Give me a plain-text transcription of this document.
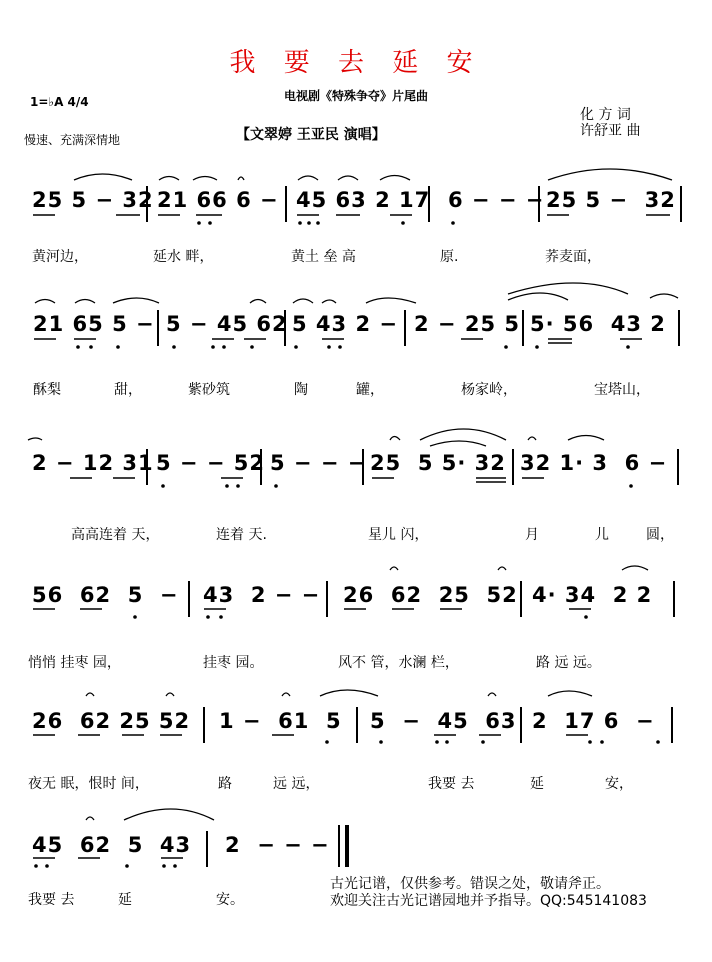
我 要 去 延 安
电视剧《特殊争夺》片尾曲
1=♭A 4/4
慢速、充满深情地	【文翠婷 王亚民 演唱】
化 方 词
许舒亚 曲
25 5 − 32 21 66 6 − 45 63 2 17 6 − − − 25 5 −  32
黄河边，	延水 畔，	黄土 垒 高	原.	荞麦面，
21 65 5 − 5 − 45 62 5 43 2 − 2 − 25 5 5· 56  43 2
酥梨	甜，	紫砂筑	陶	罐，	杨家岭，	宝塔山，
2 − 12 31 5 − − 52 5 − − − 25  5 5· 32 32 1· 3  6 −
高高连着 天，	连着 天.	星儿 闪，	月	儿	圆，
56  62  5  − 43  2 − − 26  62  25  52 4· 34  2 2
悄悄 挂枣 园，	挂枣 园。	风不 管，水澜 栏，	路 远 远。
26  62 25 52 1 −  61  5 5  −  45  63 2  17 6  −
夜无 眠，恨时 间，	路	远 远，	我要 去	延	安，
45  62  5  43 2  − − −
我要 去	延	安。
古光记谱，仅供参考。错误之处，敬请斧正。
欢迎关注古光记谱园地并予指导。QQ:545141083
